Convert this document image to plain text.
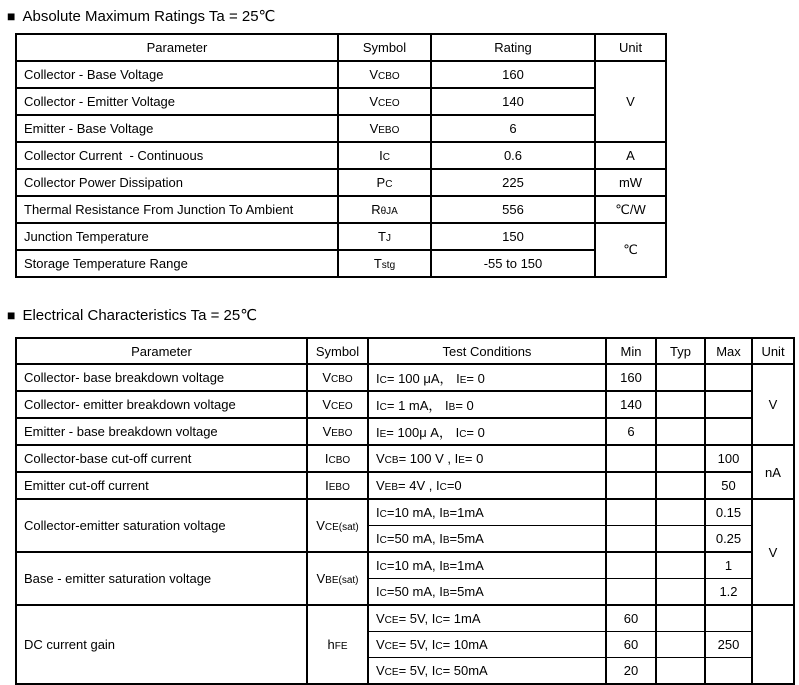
■ Absolute Maximum Ratings Ta = 25℃
Parameter	Symbol	Rating	Unit
Collector - Base Voltage	VCBO	160	V
Collector - Emitter Voltage	VCEO	140	
Emitter - Base Voltage	VEBO	6	
Collector Current  - Continuous	IC	0.6	A
Collector Power Dissipation	PC	225	mW
Thermal Resistance From Junction To Ambient	RθJA	556	℃/W
Junction Temperature	TJ	150	℃
Storage Temperature Range	Tstg	-55 to 150	
■ Electrical Characteristics Ta = 25℃
Parameter	Symbol	Test Conditions	Min	Typ	Max	Unit
Collector- base breakdown voltage	VCBO	IC= 100 μA， IE= 0	160			V
Collector- emitter breakdown voltage	VCEO	IC= 1 mA， IB= 0	140			
Emitter - base breakdown voltage	VEBO	IE= 100μ A， IC= 0	6			
Collector-base cut-off current	ICBO	VCB= 100 V , IE= 0			100	nA
Emitter cut-off current	IEBO	VEB= 4V , IC=0			50	
Collector-emitter saturation voltage	VCE(sat)	IC=10 mA, IB=1mA			0.15	V
		IC=50 mA, IB=5mA			0.25	
Base - emitter saturation voltage	VBE(sat)	IC=10 mA, IB=1mA			1	
		IC=50 mA, IB=5mA			1.2	
DC current gain	hFE	VCE= 5V, IC= 1mA	60			
		VCE= 5V, IC= 10mA	60		250	
		VCE= 5V, IC= 50mA	20			
